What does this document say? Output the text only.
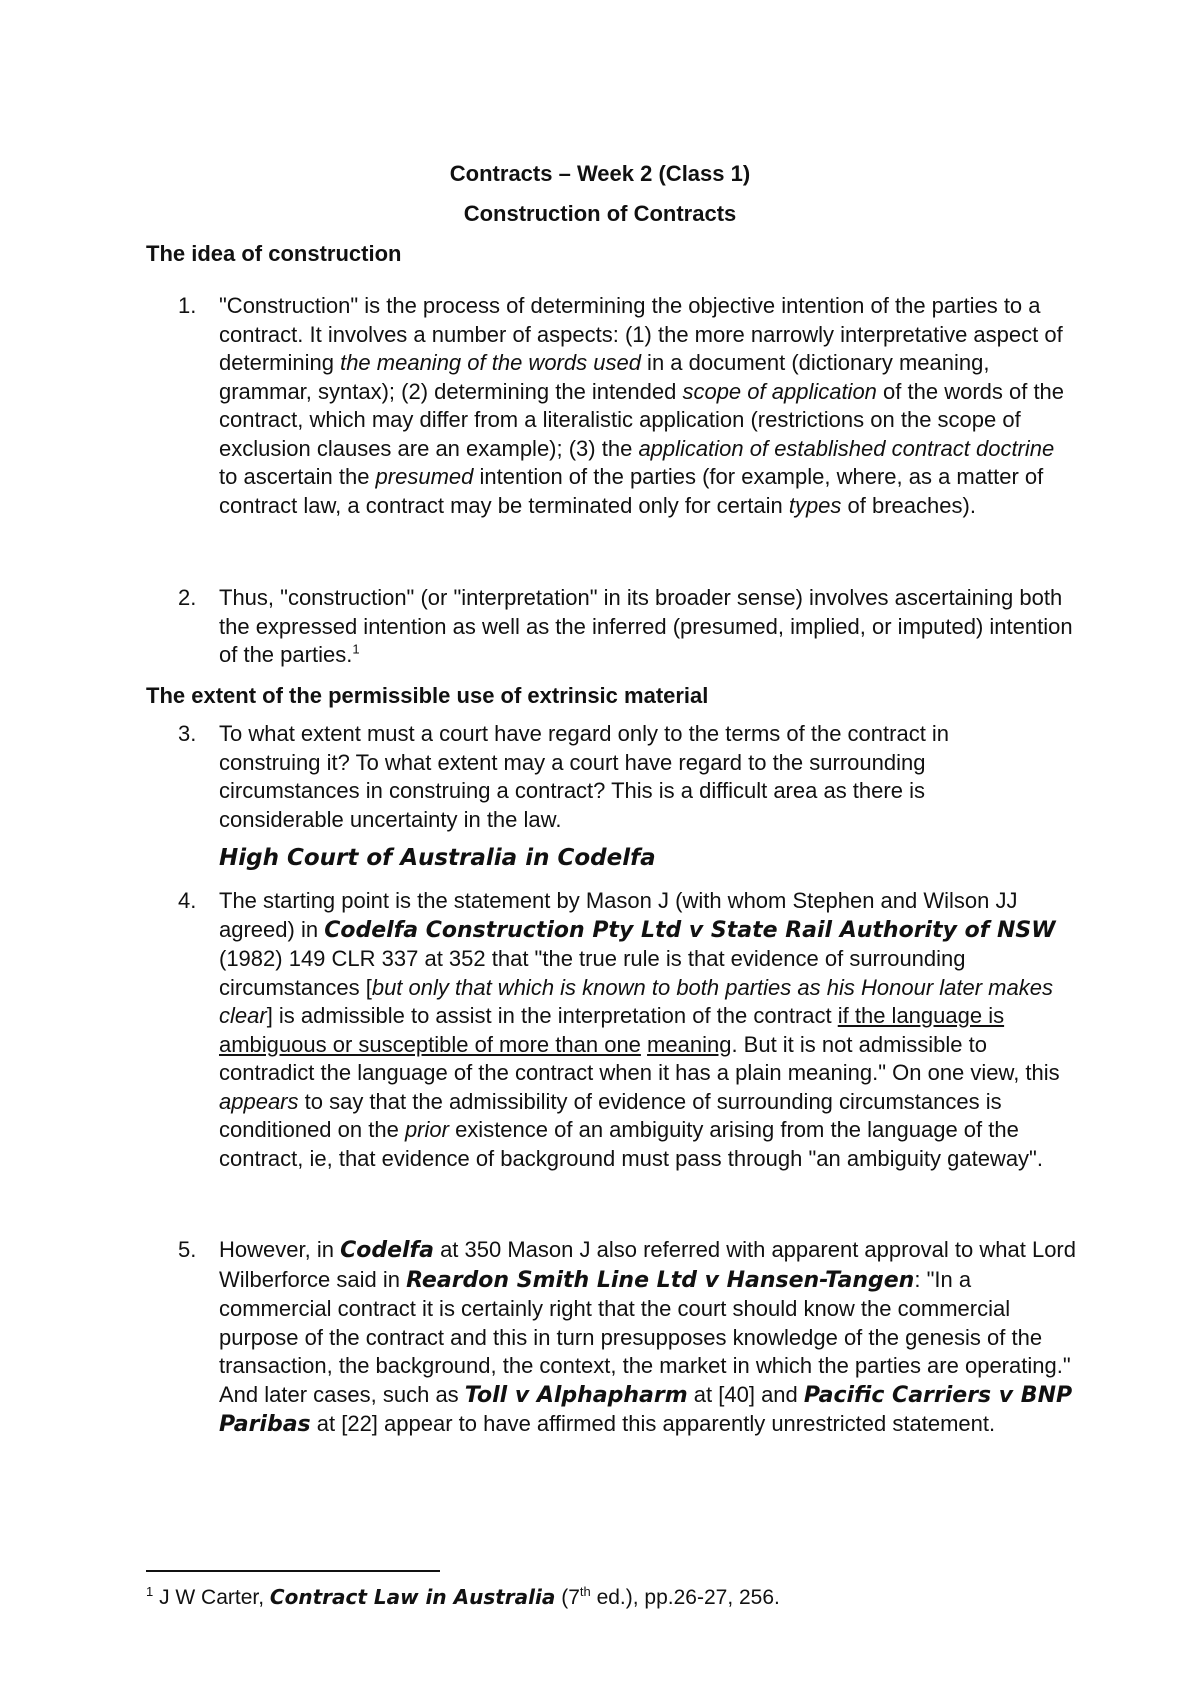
Contracts – Week 2 (Class 1)
Construction of Contracts
The idea of construction
1.	"Construction" is the process of determining the objective intention of the parties to a contract. It involves a number of aspects: (1) the more narrowly interpretative aspect of determining the meaning of the words used in a document (dictionary meaning, grammar, syntax); (2) determining the intended scope of application of the words of the contract, which may differ from a literalistic application (restrictions on the scope of exclusion clauses are an example); (3) the application of established contract doctrine to ascertain the presumed intention of the parties (for example, where, as a matter of contract law, a contract may be terminated only for certain types of breaches).
2.	Thus, "construction" (or "interpretation" in its broader sense) involves ascertaining both the expressed intention as well as the inferred (presumed, implied, or imputed) intention of the parties.$^1$
The extent of the permissible use of extrinsic material
3.	To what extent must a court have regard only to the terms of the contract in construing it? To what extent may a court have regard to the surrounding circumstances in construing a contract? This is a difficult area as there is considerable uncertainty in the law.
High Court of Australia in Codelfa
4.	The starting point is the statement by Mason J (with whom Stephen and Wilson JJ agreed) in Codelfa Construction Pty Ltd v State Rail Authority of NSW (1982) 149 CLR 337 at 352 that "the true rule is that evidence of surrounding circumstances [but only that which is known to both parties as his Honour later makes clear] is admissible to assist in the interpretation of the contract if the language is ambiguous or susceptible of more than one meaning. But it is not admissible to contradict the language of the contract when it has a plain meaning." On one view, this appears to say that the admissibility of evidence of surrounding circumstances is conditioned on the prior existence of an ambiguity arising from the language of the contract, ie, that evidence of background must pass through "an ambiguity gateway".
5.	However, in Codelfa at 350 Mason J also referred with apparent approval to what Lord Wilberforce said in Reardon Smith Line Ltd v Hansen-Tangen: "In a commercial contract it is certainly right that the court should know the commercial purpose of the contract and this in turn presupposes knowledge of the genesis of the transaction, the background, the context, the market in which the parties are operating." And later cases, such as Toll v Alphapharm at [40] and Pacific Carriers v BNP Paribas at [22] appear to have affirmed this apparently unrestricted statement.
$^1$ J W Carter, Contract Law in Australia (7th ed.), pp.26-27, 256.
